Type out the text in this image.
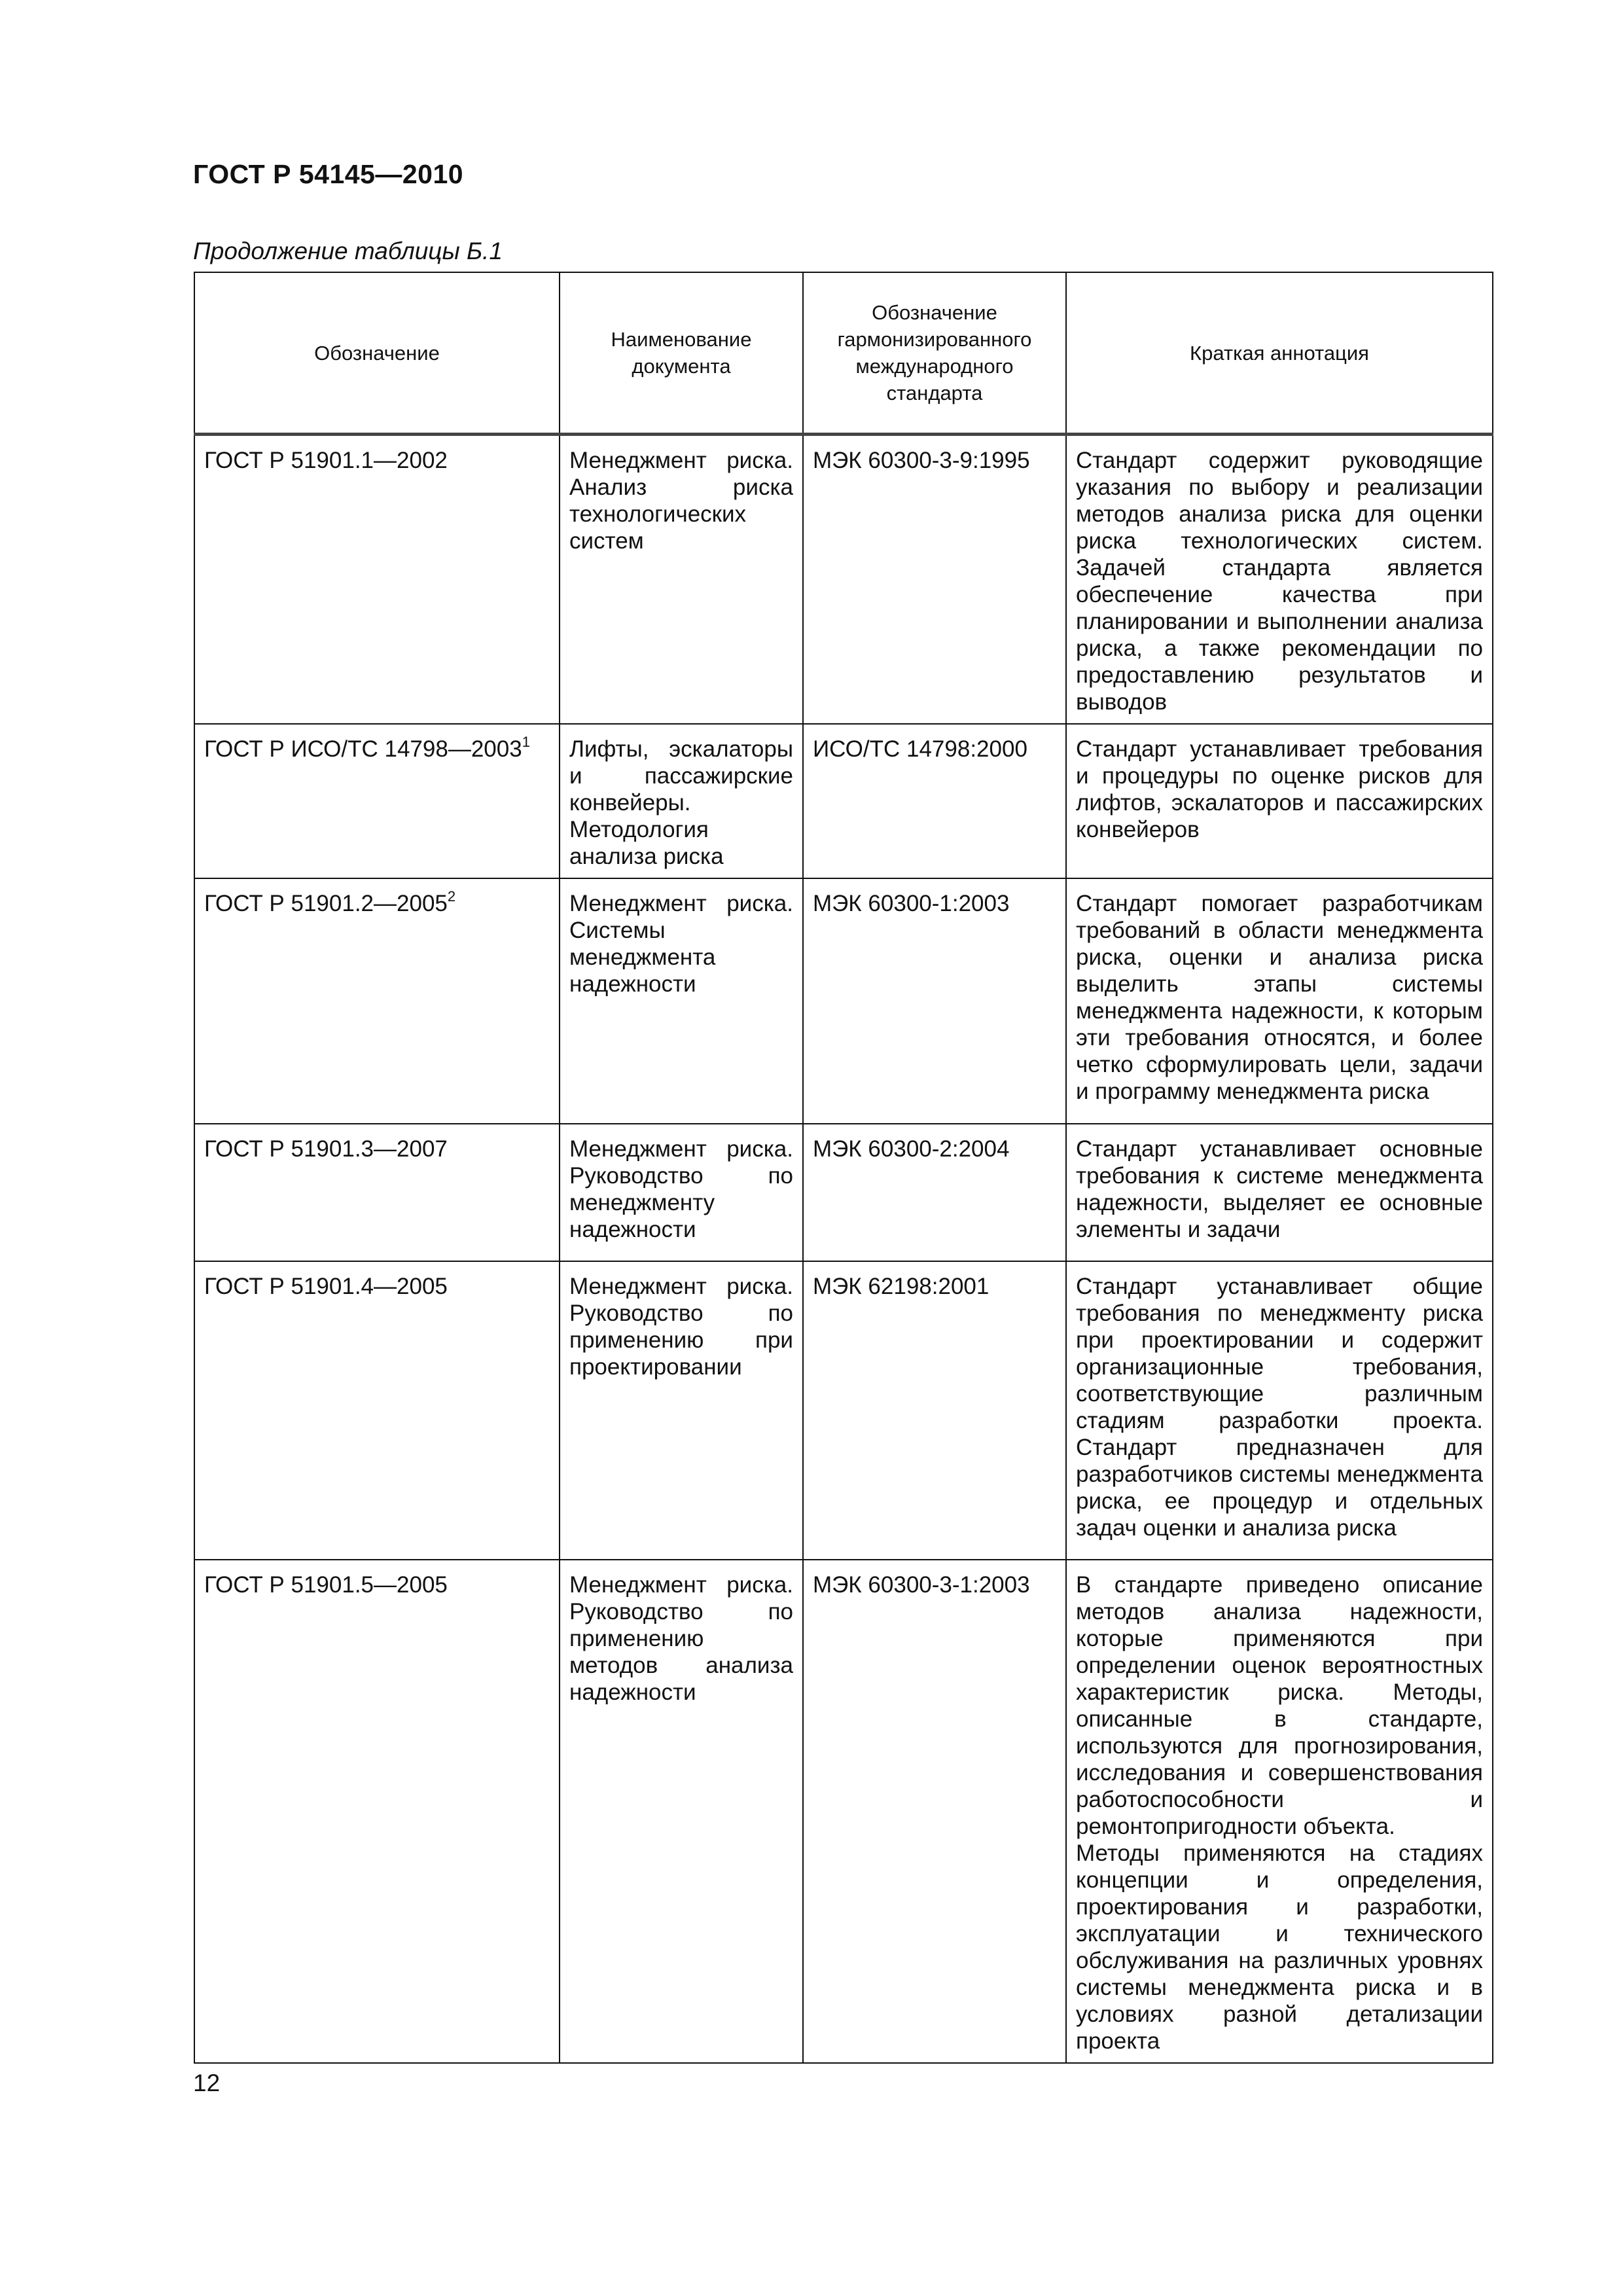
ГОСТ Р 54145—2010
Продолжение таблицы Б.1
Обозначение	Наименование документа	Обозначение гармонизированного международного стандарта	Краткая аннотация
ГОСТ Р 51901.1—2002	Менеджмент риска. Анализ риска технологических систем	МЭК 60300-3-9:1995	Стандарт содержит руководящие указания по выбору и реализации методов анализа риска для оценки риска технологических систем. Задачей стандарта является обеспечение качества при планировании и выполнении анализа риска, а также рекомендации по предоставлению результатов и выводов

ГОСТ Р ИСО/ТС 14798—2003$^1$	Лифты, эскалаторы и пассажирские конвейеры. Методология анализа риска	ИСО/ТС 14798:2000	Стандарт устанавливает требования и процедуры по оценке рисков для лифтов, эскалаторов и пассажирских конвейеров

ГОСТ Р 51901.2—2005$^2$	Менеджмент риска. Системы менеджмента надежности	МЭК 60300-1:2003	Стандарт помогает разработчикам требований в области менеджмента риска, оценки и анализа риска выделить этапы системы менеджмента надежности, к которым эти требования относятся, и более четко сформулировать цели, задачи и программу менеджмента риска

ГОСТ Р 51901.3—2007	Менеджмент риска. Руководство по менеджменту надежности	МЭК 60300-2:2004	Стандарт устанавливает основные требования к системе менеджмента надежности, выделяет ее основные элементы и задачи

ГОСТ Р 51901.4—2005	Менеджмент риска. Руководство по применению при проектировании	МЭК 62198:2001	Стандарт устанавливает общие требования по менеджменту риска при проектировании и содержит организационные требования, соответствующие различным стадиям разработки проекта. Стандарт предназначен для разработчиков системы менеджмента риска, ее процедур и отдельных задач оценки и анализа риска

ГОСТ Р 51901.5—2005	Менеджмент риска. Руководство по применению методов анализа надежности	МЭК 60300-3-1:2003	В стандарте приведено описание методов анализа надежности, которые применяются при определении оценок вероятностных характеристик риска. Методы, описанные в стандарте, используются для прогнозирования, исследования и совершенствования работоспособности и ремонтопригодности объекта.
Методы применяются на стадиях концепции и определения, проектирования и разработки, эксплуатации и технического обслуживания на различных уровнях системы менеджмента риска и в условиях разной детализации проекта
12
